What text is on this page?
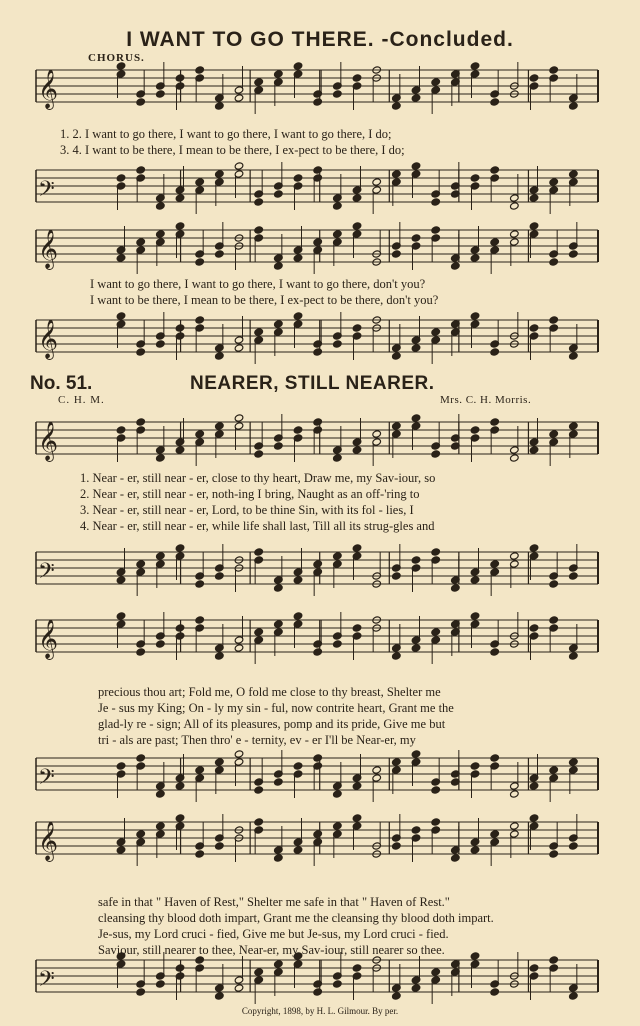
𝄞
𝄢
𝄞
𝄞
𝄞
𝄢
𝄞
𝄢
𝄞
𝄢
I WANT TO GO THERE. -Concluded.
CHORUS.
1. 2. I want to go there, I want to go there, I want to go there, I do;
3. 4. I want to be there, I mean to be there, I ex-pect to be there, I do;
I want to go there, I want to go there, I want to go there, don't you?
I want to be there, I mean to be there, I ex-pect to be there, don't you?
No. 51.	NEARER, STILL NEARER.
C. H. M.	Mrs. C. H. Morris.
1. Near - er, still near - er, close to thy heart, Draw me, my Sav-iour, so
2. Near - er, still near - er, noth-ing I bring, Naught as an off-'ring to
3. Near - er, still near - er, Lord, to be thine Sin, with its fol - lies, I
4. Near - er, still near - er, while life shall last, Till all its strug-gles and
precious thou art; Fold me, O fold me close to thy breast, Shelter me
Je - sus my King; On - ly my sin - ful, now contrite heart, Grant me the
glad-ly re - sign; All of its pleasures, pomp and its pride, Give me but
tri - als are past; Then thro' e - ternity, ev - er I'll be Near-er, my
safe in that " Haven of Rest," Shelter me safe in that " Haven of Rest."
cleansing thy blood doth impart, Grant me the cleansing thy blood doth impart.
Je-sus, my Lord cruci - fied, Give me but Je-sus, my Lord cruci - fied.
Saviour, still nearer to thee, Near-er, my Sav-iour, still nearer so thee.
Copyright, 1898, by H. L. Gilmour. By per.
